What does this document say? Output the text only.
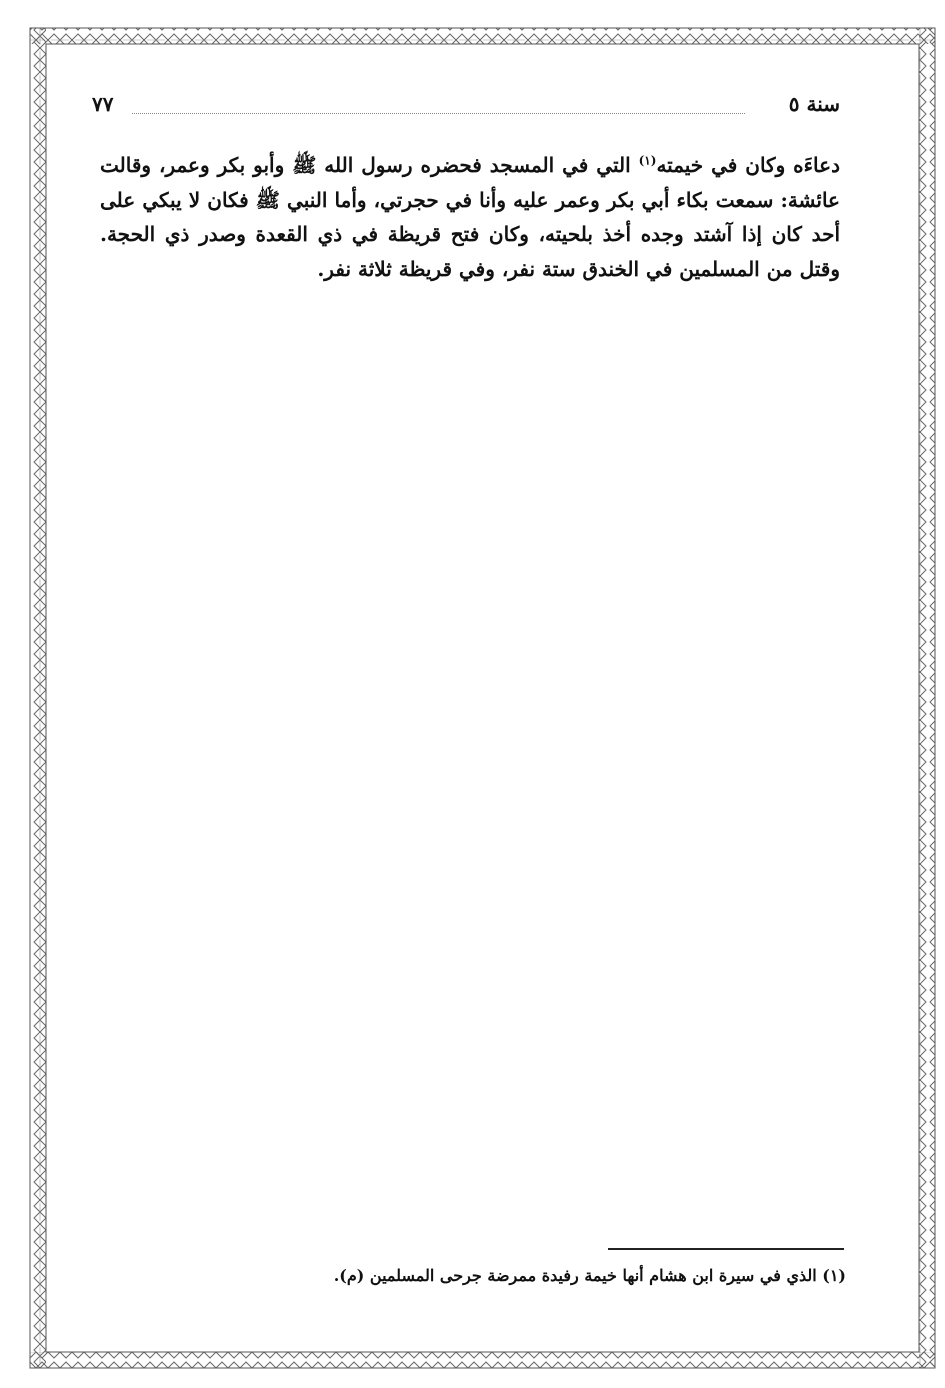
سنة ٥
٧٧

دعاءَه وكان في خيمته$^{(١)}$ التي في المسجد فحضره رسول الله ﷺ وأبو بكر وعمر، وقالت عائشة: سمعت بكاء أبي بكر وعمر عليه وأنا في حجرتي، وأما النبي ﷺ فكان لا يبكي على أحد كان إذا آشتد وجده أخذ بلحيته، وكان فتح قريظة في ذي القعدة وصدر ذي الحجة. وقتل من المسلمين في الخندق ستة نفر، وفي قريظة ثلاثة نفر.

(١) الذي في سيرة ابن هشام أنها خيمة رفيدة ممرضة جرحى المسلمين (م).
